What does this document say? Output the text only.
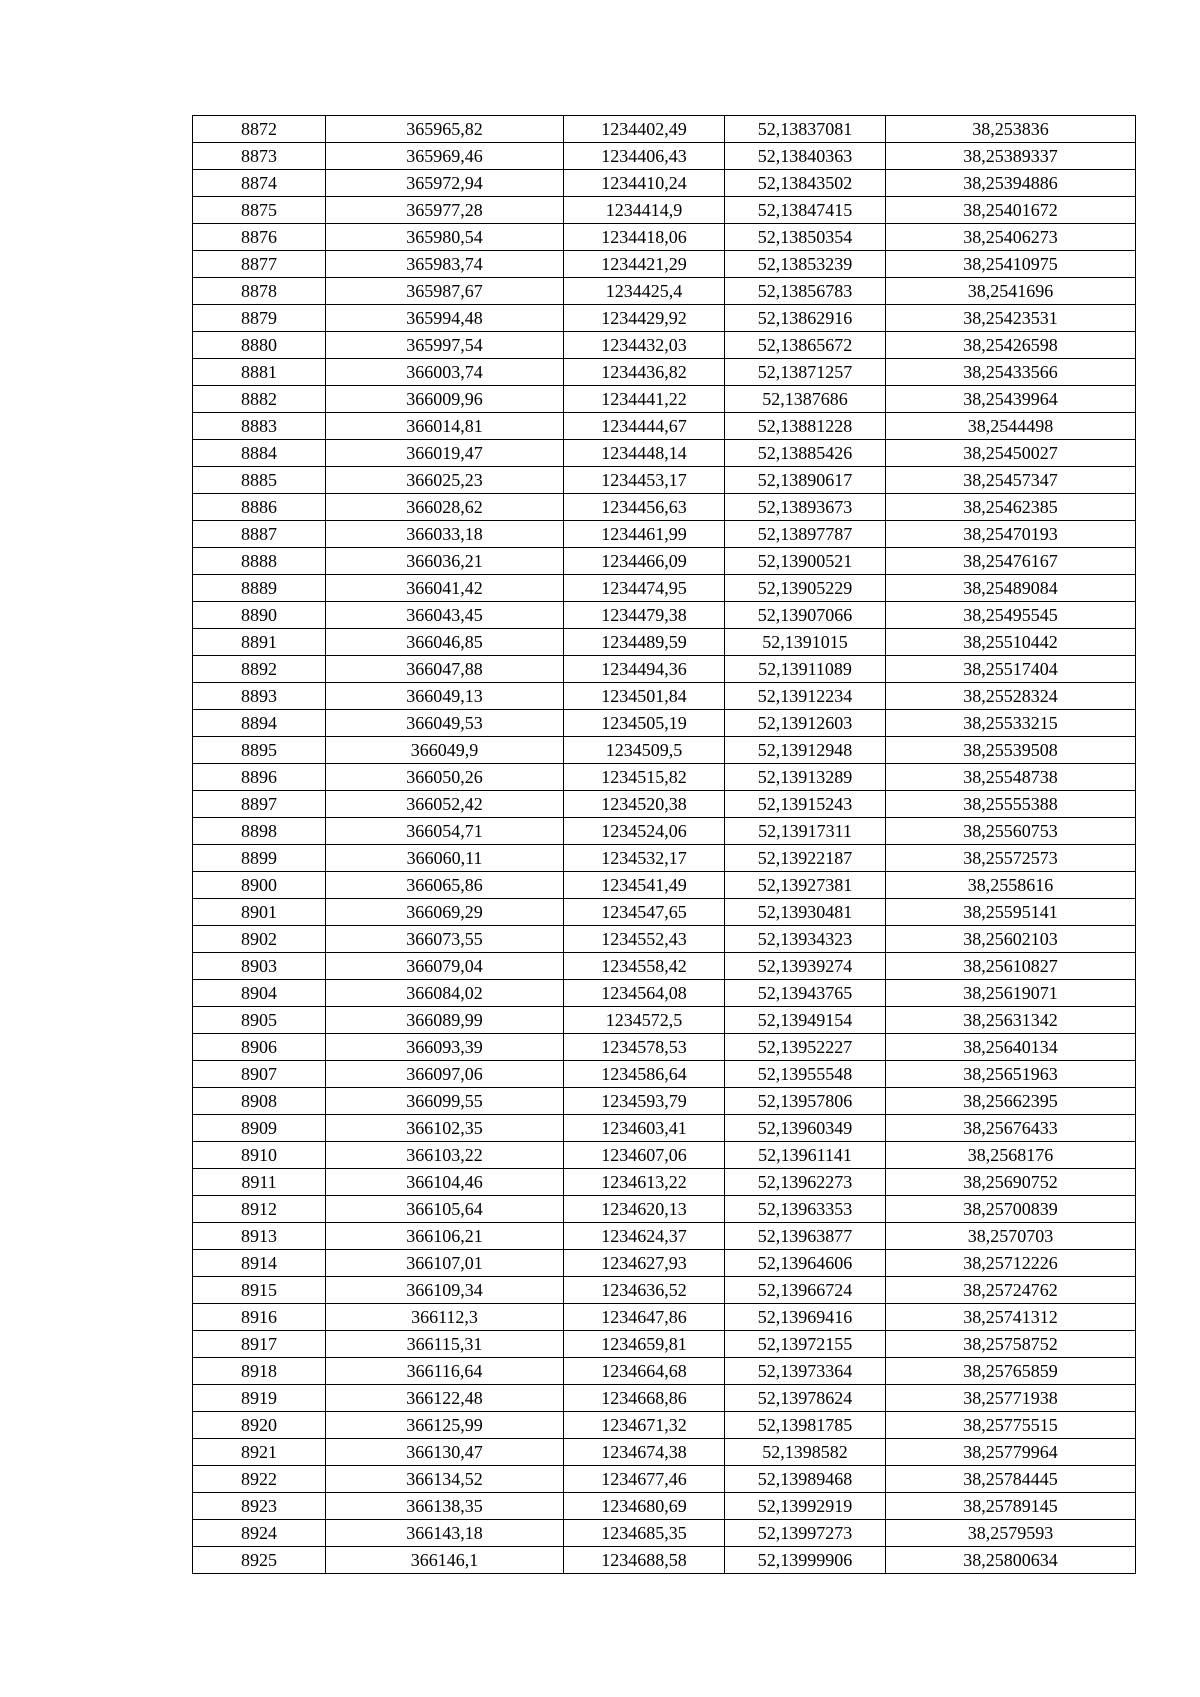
8872	365965,82	1234402,49	52,13837081	38,253836
8873	365969,46	1234406,43	52,13840363	38,25389337
8874	365972,94	1234410,24	52,13843502	38,25394886
8875	365977,28	1234414,9	52,13847415	38,25401672
8876	365980,54	1234418,06	52,13850354	38,25406273
8877	365983,74	1234421,29	52,13853239	38,25410975
8878	365987,67	1234425,4	52,13856783	38,2541696
8879	365994,48	1234429,92	52,13862916	38,25423531
8880	365997,54	1234432,03	52,13865672	38,25426598
8881	366003,74	1234436,82	52,13871257	38,25433566
8882	366009,96	1234441,22	52,1387686	38,25439964
8883	366014,81	1234444,67	52,13881228	38,2544498
8884	366019,47	1234448,14	52,13885426	38,25450027
8885	366025,23	1234453,17	52,13890617	38,25457347
8886	366028,62	1234456,63	52,13893673	38,25462385
8887	366033,18	1234461,99	52,13897787	38,25470193
8888	366036,21	1234466,09	52,13900521	38,25476167
8889	366041,42	1234474,95	52,13905229	38,25489084
8890	366043,45	1234479,38	52,13907066	38,25495545
8891	366046,85	1234489,59	52,1391015	38,25510442
8892	366047,88	1234494,36	52,13911089	38,25517404
8893	366049,13	1234501,84	52,13912234	38,25528324
8894	366049,53	1234505,19	52,13912603	38,25533215
8895	366049,9	1234509,5	52,13912948	38,25539508
8896	366050,26	1234515,82	52,13913289	38,25548738
8897	366052,42	1234520,38	52,13915243	38,25555388
8898	366054,71	1234524,06	52,13917311	38,25560753
8899	366060,11	1234532,17	52,13922187	38,25572573
8900	366065,86	1234541,49	52,13927381	38,2558616
8901	366069,29	1234547,65	52,13930481	38,25595141
8902	366073,55	1234552,43	52,13934323	38,25602103
8903	366079,04	1234558,42	52,13939274	38,25610827
8904	366084,02	1234564,08	52,13943765	38,25619071
8905	366089,99	1234572,5	52,13949154	38,25631342
8906	366093,39	1234578,53	52,13952227	38,25640134
8907	366097,06	1234586,64	52,13955548	38,25651963
8908	366099,55	1234593,79	52,13957806	38,25662395
8909	366102,35	1234603,41	52,13960349	38,25676433
8910	366103,22	1234607,06	52,13961141	38,2568176
8911	366104,46	1234613,22	52,13962273	38,25690752
8912	366105,64	1234620,13	52,13963353	38,25700839
8913	366106,21	1234624,37	52,13963877	38,2570703
8914	366107,01	1234627,93	52,13964606	38,25712226
8915	366109,34	1234636,52	52,13966724	38,25724762
8916	366112,3	1234647,86	52,13969416	38,25741312
8917	366115,31	1234659,81	52,13972155	38,25758752
8918	366116,64	1234664,68	52,13973364	38,25765859
8919	366122,48	1234668,86	52,13978624	38,25771938
8920	366125,99	1234671,32	52,13981785	38,25775515
8921	366130,47	1234674,38	52,1398582	38,25779964
8922	366134,52	1234677,46	52,13989468	38,25784445
8923	366138,35	1234680,69	52,13992919	38,25789145
8924	366143,18	1234685,35	52,13997273	38,2579593
8925	366146,1	1234688,58	52,13999906	38,25800634
